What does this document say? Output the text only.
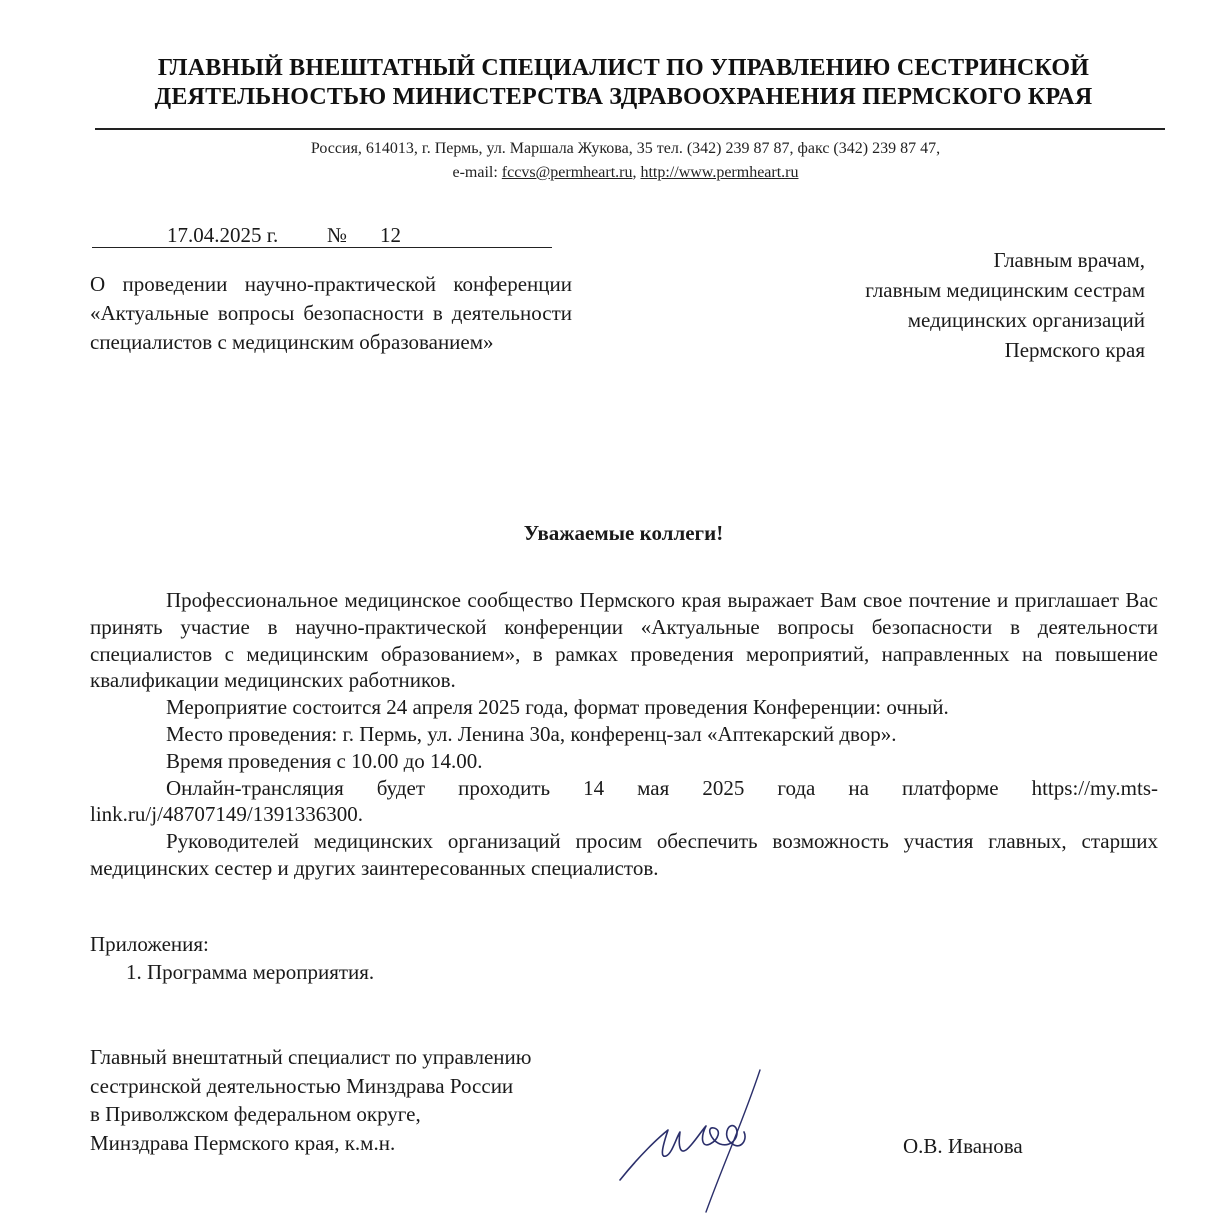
ГЛАВНЫЙ ВНЕШТАТНЫЙ СПЕЦИАЛИСТ ПО УПРАВЛЕНИЮ СЕСТРИНСКОЙ
ДЕЯТЕЛЬНОСТЬЮ МИНИСТЕРСТВА ЗДРАВООХРАНЕНИЯ ПЕРМСКОГО КРАЯ
Россия, 614013, г. Пермь, ул. Маршала Жукова, 35 тел. (342) 239 87 87, факс (342) 239 87 47,
e-mail: fccvs@permheart.ru, http://www.permheart.ru
17.04.2025 г. № 12
О проведении научно-практической конференции «Актуальные вопросы безопасности в деятельности специалистов с медицинским образованием»
Главным врачам,
главным медицинским сестрам
медицинских организаций
Пермского края
Уважаемые коллеги!

Профессиональное медицинское сообщество Пермского края выражает Вам свое почтение и приглашает Вас принять участие в научно-практической конференции «Актуальные вопросы безопасности в деятельности специалистов с медицинским образованием», в рамках проведения мероприятий, направленных на повышение квалификации медицинских работников.

Мероприятие состоится 24 апреля 2025 года, формат проведения Конференции: очный.

Место проведения: г. Пермь, ул. Ленина 30а, конференц-зал «Аптекарский двор».

Время проведения с 10.00 до 14.00.

Онлайн-трансляция будет проходить 14 мая 2025 года на платформе https://my.mts-link.ru/j/48707149/1391336300.

Руководителей медицинских организаций просим обеспечить возможность участия главных, старших медицинских сестер и других заинтересованных специалистов.

Приложения:
1. Программа мероприятия.
Главный внештатный специалист по управлению
сестринской деятельностью Минздрава России
в Приволжском федеральном округе,
Минздрава Пермского края, к.м.н.	О.В. Иванова
